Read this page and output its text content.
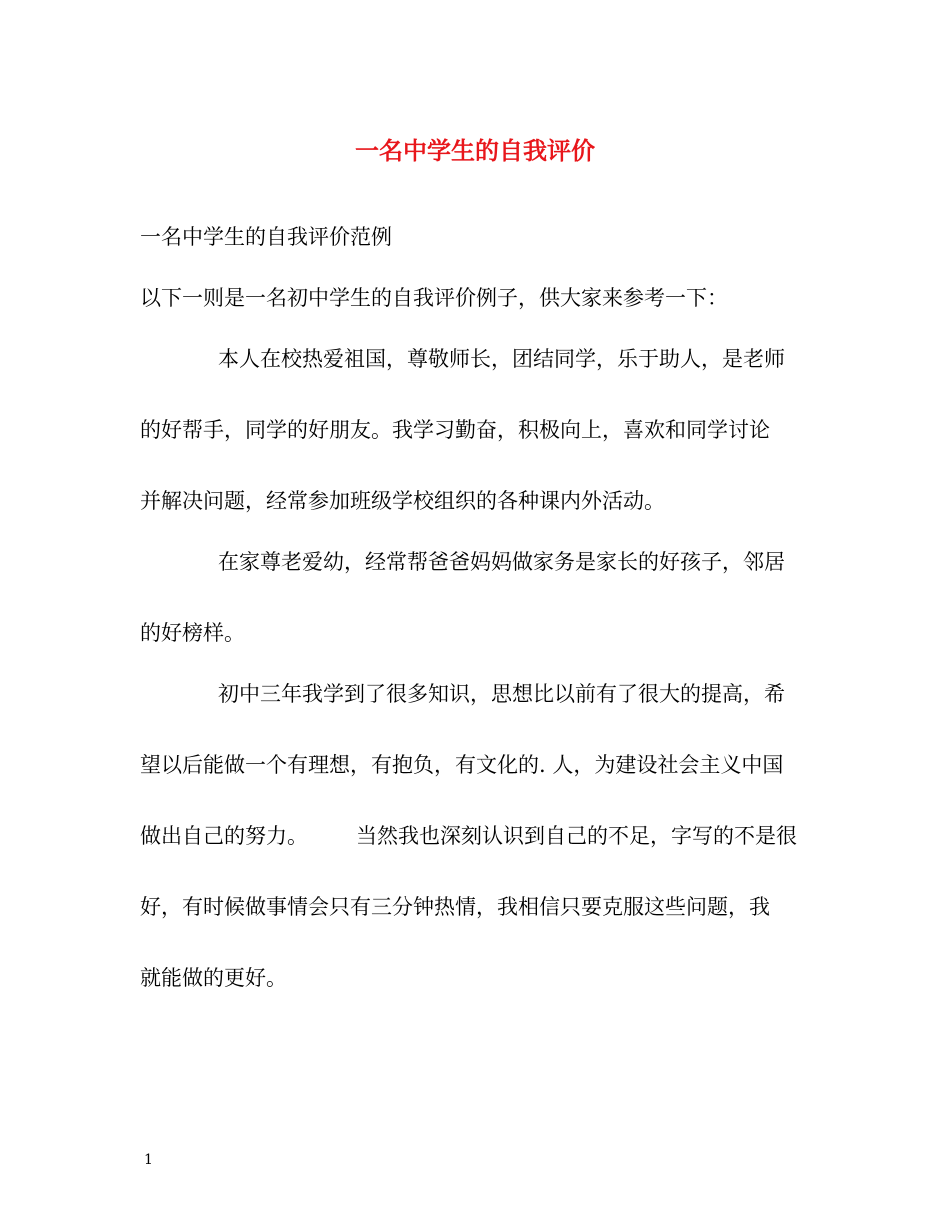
一名中学生的自我评价

一名中学生的自我评价范例

以下一则是一名初中学生的自我评价例子，供大家来参考一下：

本人在校热爱祖国，尊敬师长，团结同学，乐于助人，是老师

的好帮手，同学的好朋友。我学习勤奋，积极向上，喜欢和同学讨论

并解决问题，经常参加班级学校组织的各种课内外活动。

在家尊老爱幼，经常帮爸爸妈妈做家务是家长的好孩子，邻居

的好榜样。

初中三年我学到了很多知识，思想比以前有了很大的提高，希

望以后能做一个有理想，有抱负，有文化的. 人，为建设社会主义中国

做出自己的努力。 当然我也深刻认识到自己的不足，字写的不是很

好，有时候做事情会只有三分钟热情，我相信只要克服这些问题，我

就能做的更好。

1
